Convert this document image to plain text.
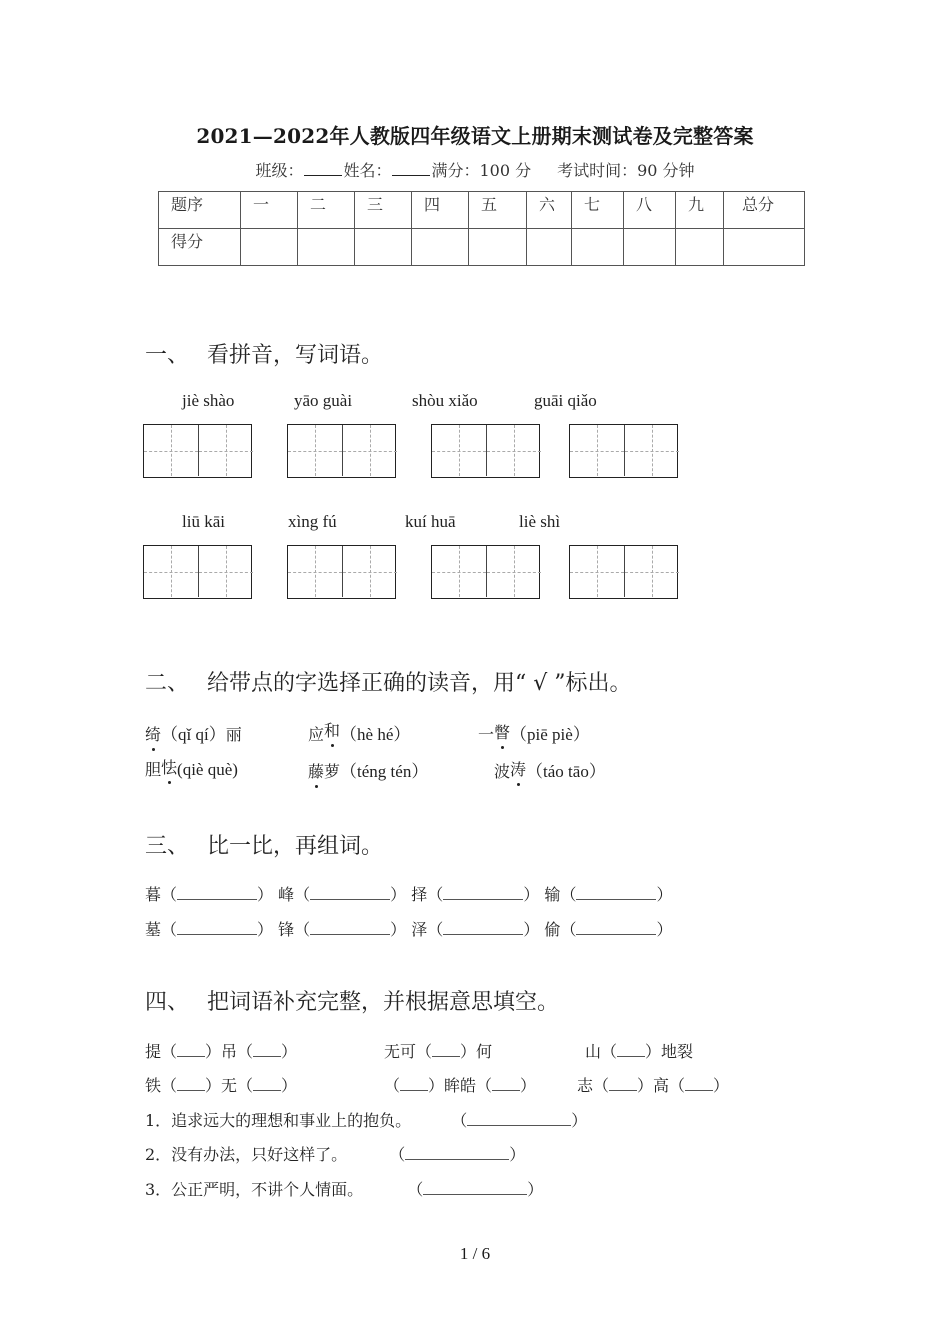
2021—2022年人教版四年级语文上册期末测试卷及完整答案
班级：	姓名：	满分：100 分 考试时间：90 分钟
题序	一	二	三	四	五	六	七	八	九	总分
得分										
一、 看拼音，写词语。
jiè shào	yāo guài	shòu xiǎo	guāi qiǎo
liū kāi	xìng fú	kuí huā	liè shì
二、 给带点的字选择正确的读音，用“ √ ”标出。
绮（qǐ qí）丽	应和（hè hé）	一瞥（piē piè）
胆怯(qiè què)	藤萝（téng tén）	波涛（táo tāo）
三、 比一比，再组词。
暮（	） 峰（	） 择（	） 输（	）
墓（	） 锋（	） 泽（	） 偷（	）
四、 把词语补充完整，并根据意思填空。
提（ ）吊（ ）	无可（ ）何	山（ ）地裂
铁（ ）无（ ）	（ ）眸皓（ ）	志（ ）高（ ）
1．追求远大的理想和事业上的抱负。	（	）
2．没有办法，只好这样了。	（	）
3．公正严明，不讲个人情面。	（	）
1 / 6
